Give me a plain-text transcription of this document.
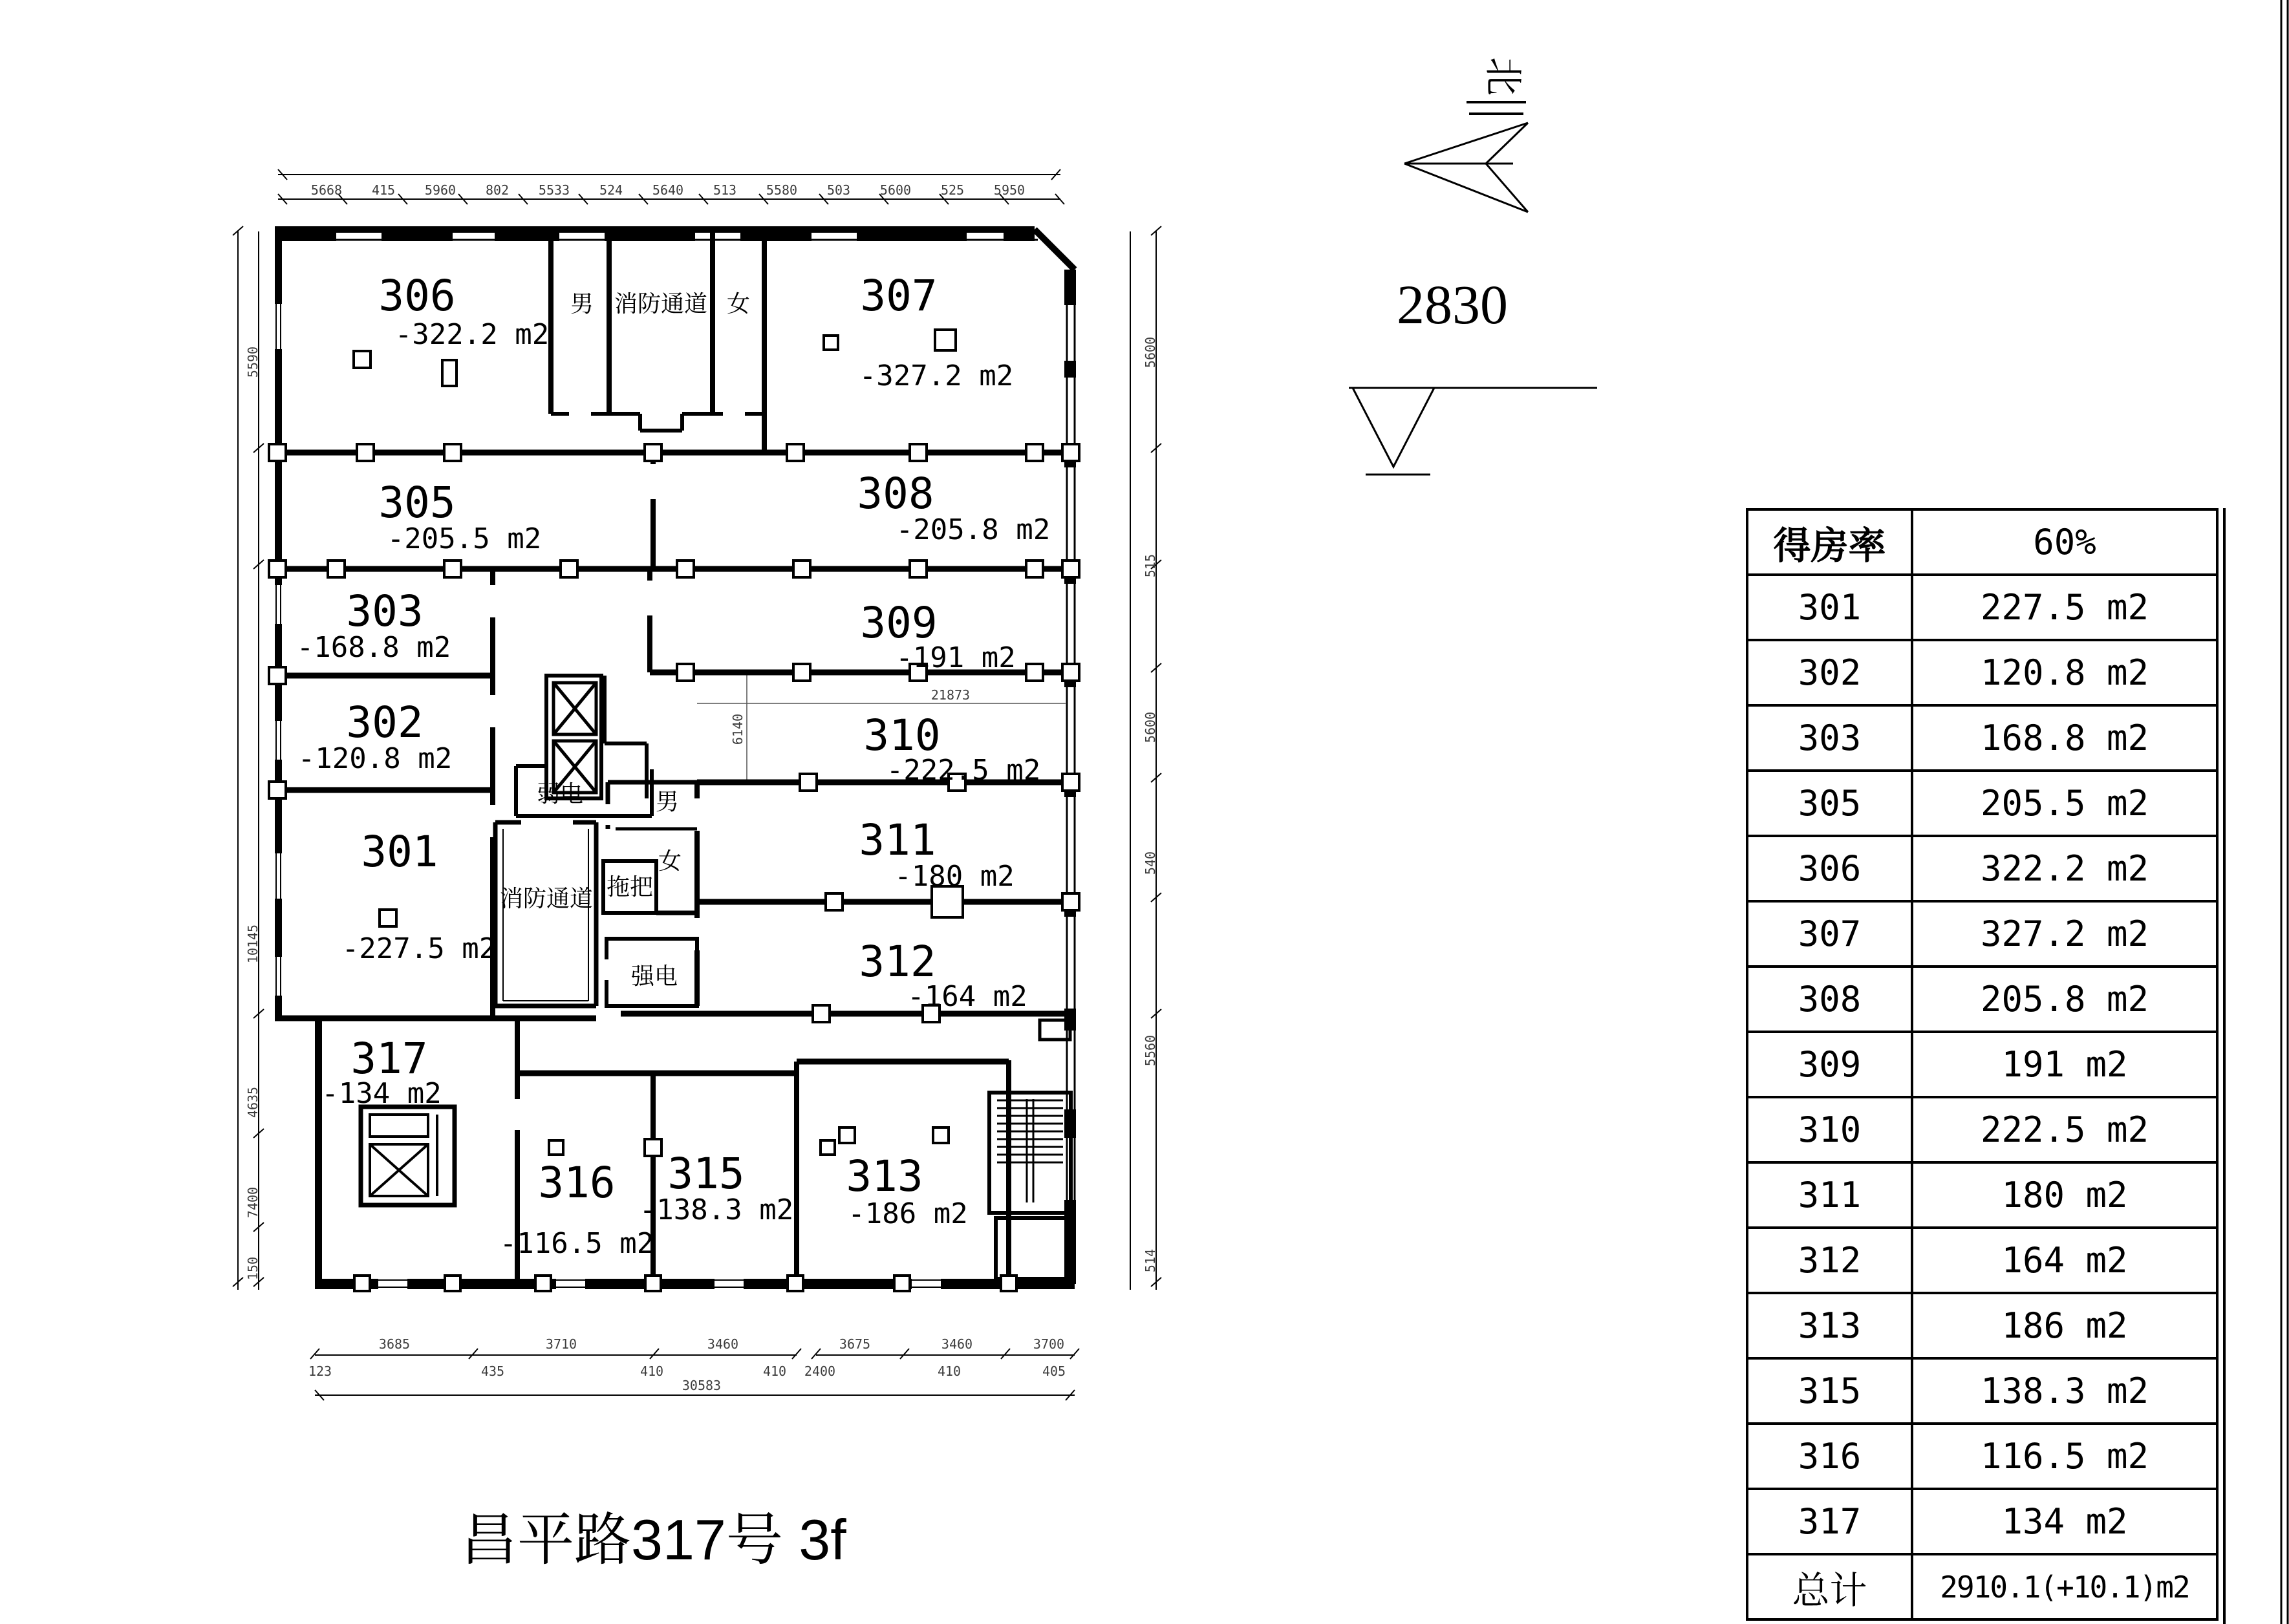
306
-322.2 m2
307
-327.2 m2
305
-205.5 m2
308
-205.8 m2
303
-168.8 m2	309
-191 m2
302
-120.8 m2	310
-222.5 m2
301
-227.5 m2
311
-180 m2
312
-164 m2
317
-134 m2
316
-116.5 m2
315
-138.3 m2
313
-186 m2
男 消防通道 女
弱电	男
女
拖把
消防通道
强电
5668 415 5960 802 5533 524 5640 513 5580 503 5600 525 5950
5590
10145
4635
7400
150
5600
515
5600
540
5560
514
3685	3710	3460
123	435	410	410
3675	3460	3700
2400	410	405
30583
21873
6140
北
2830
昌平路317号 3f
得房率	60%
301	227.5 m2
302	120.8 m2
303	168.8 m2
305	205.5 m2
306	322.2 m2
307	327.2 m2
308	205.8 m2
309	191 m2
310	222.5 m2
311	180 m2
312	164 m2
313	186 m2
315	138.3 m2
316	116.5 m2
317	134 m2
总计	2910.1(+10.1)m2
